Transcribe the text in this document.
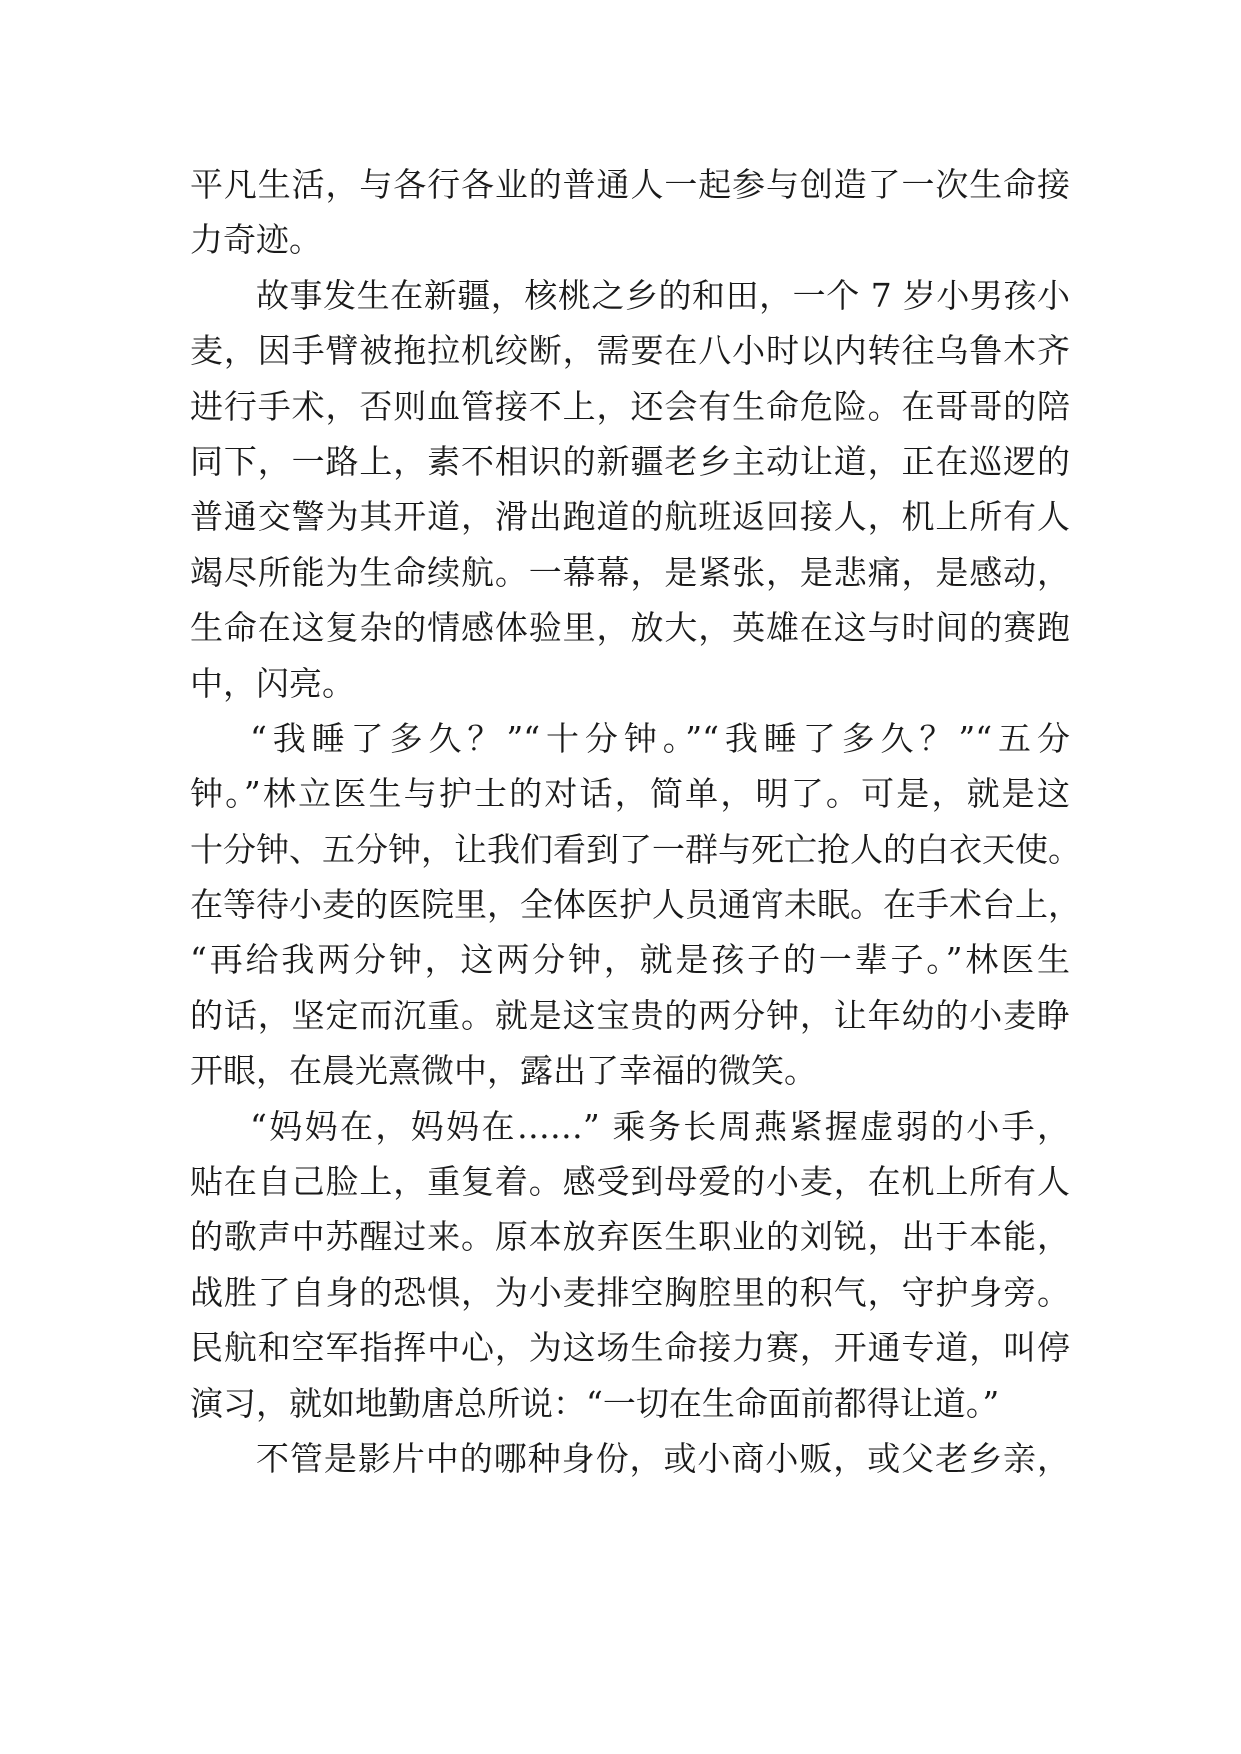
平凡生活，与各行各业的普通人一起参与创造了一次生命接
力奇迹。
故事发生在新疆，核桃之乡的和田，一个 7 岁小男孩小
麦，因手臂被拖拉机绞断，需要在八小时以内转往乌鲁木齐
进行手术，否则血管接不上，还会有生命危险。在哥哥的陪
同下，一路上，素不相识的新疆老乡主动让道，正在巡逻的
普通交警为其开道，滑出跑道的航班返回接人，机上所有人
竭尽所能为生命续航。一幕幕，是紧张，是悲痛，是感动，
生命在这复杂的情感体验里，放大，英雄在这与时间的赛跑
中，闪亮。
“我睡了多久？”“十分钟。”“我睡了多久？”“五分
钟。”林立医生与护士的对话，简单，明了。可是，就是这
十分钟、五分钟，让我们看到了一群与死亡抢人的白衣天使。
在等待小麦的医院里，全体医护人员通宵未眠。在手术台上，
“再给我两分钟，这两分钟，就是孩子的一辈子。”林医生
的话，坚定而沉重。就是这宝贵的两分钟，让年幼的小麦睁
开眼，在晨光熹微中，露出了幸福的微笑。
“妈妈在，妈妈在……” 乘务长周燕紧握虚弱的小手，
贴在自己脸上，重复着。感受到母爱的小麦，在机上所有人
的歌声中苏醒过来。原本放弃医生职业的刘锐，出于本能，
战胜了自身的恐惧，为小麦排空胸腔里的积气，守护身旁。
民航和空军指挥中心，为这场生命接力赛，开通专道，叫停
演习，就如地勤唐总所说：“一切在生命面前都得让道。”
不管是影片中的哪种身份，或小商小贩，或父老乡亲，
